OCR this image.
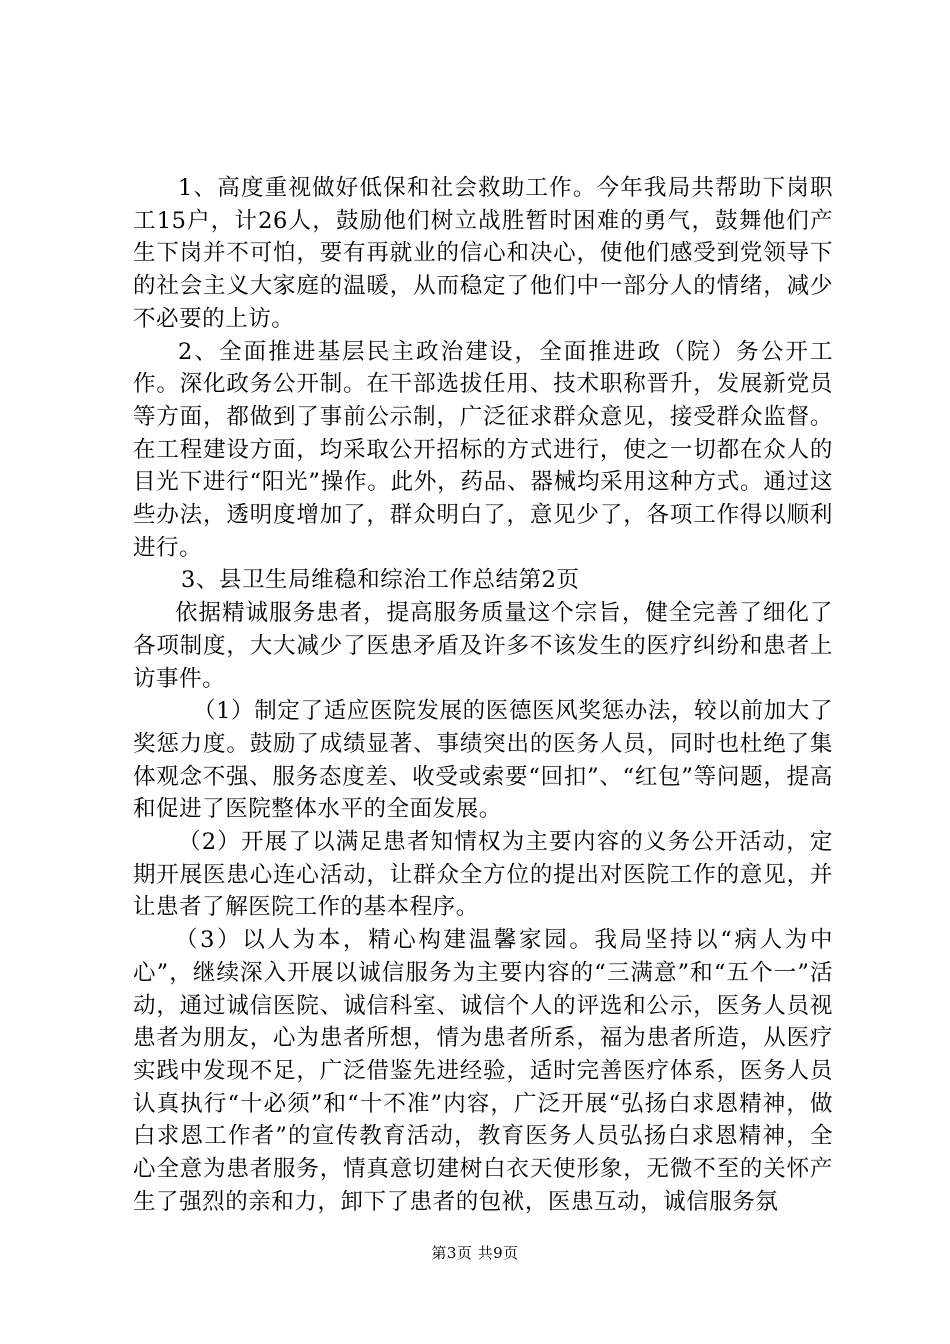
1、高度重视做好低保和社会救助工作。今年我局共帮助下岗职工15户，计26人，鼓励他们树立战胜暂时困难的勇气，鼓舞他们产生下岗并不可怕，要有再就业的信心和决心，使他们感受到党领导下的社会主义大家庭的温暖，从而稳定了他们中一部分人的情绪，减少不必要的上访。

2、全面推进基层民主政治建设，全面推进政（院）务公开工作。深化政务公开制。在干部选拔任用、技术职称晋升，发展新党员等方面，都做到了事前公示制，广泛征求群众意见，接受群众监督。在工程建设方面，均采取公开招标的方式进行，使之一切都在众人的目光下进行“阳光”操作。此外，药品、器械均采用这种方式。通过这些办法，透明度增加了，群众明白了，意见少了，各项工作得以顺利进行。

3、县卫生局维稳和综治工作总结第2页

依据精诚服务患者，提高服务质量这个宗旨，健全完善了细化了各项制度，大大减少了医患矛盾及许多不该发生的医疗纠纷和患者上访事件。

（1）制定了适应医院发展的医德医风奖惩办法，较以前加大了奖惩力度。鼓励了成绩显著、事绩突出的医务人员，同时也杜绝了集体观念不强、服务态度差、收受或索要“回扣”、“红包”等问题，提高和促进了医院整体水平的全面发展。

（2）开展了以满足患者知情权为主要内容的义务公开活动，定期开展医患心连心活动，让群众全方位的提出对医院工作的意见，并让患者了解医院工作的基本程序。

（3）以人为本，精心构建温馨家园。我局坚持以“病人为中心”，继续深入开展以诚信服务为主要内容的“三满意”和“五个一”活动，通过诚信医院、诚信科室、诚信个人的评选和公示，医务人员视患者为朋友，心为患者所想，情为患者所系，福为患者所造，从医疗实践中发现不足，广泛借鉴先进经验，适时完善医疗体系，医务人员认真执行“十必须”和“十不准”内容，广泛开展“弘扬白求恩精神，做白求恩工作者”的宣传教育活动，教育医务人员弘扬白求恩精神，全心全意为患者服务，情真意切建树白衣天使形象，无微不至的关怀产生了强烈的亲和力，卸下了患者的包袱，医患互动，诚信服务氛

第3页 共9页
